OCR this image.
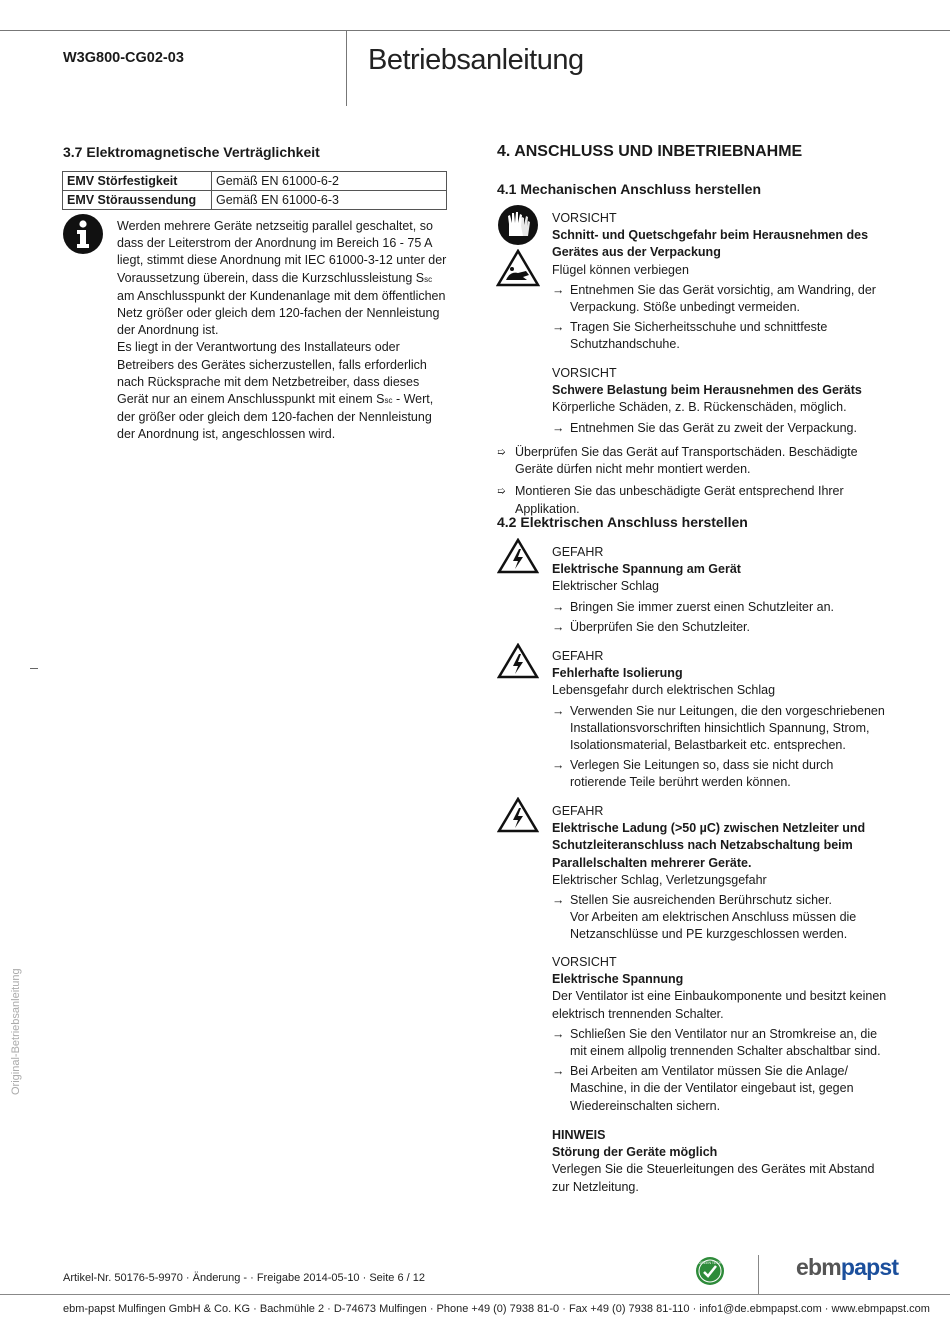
W3G800-CG02-03	Betriebsanleitung
3.7 Elektromagnetische Verträglichkeit
EMV Störfestigkeit	Gemäß EN 61000-6-2
EMV Störaussendung	Gemäß EN 61000-6-3
Werden mehrere Geräte netzseitig parallel geschaltet, so dass der Leiterstrom der Anordnung im Bereich 16 - 75 A liegt, stimmt diese Anordnung mit IEC 61000-3-12 unter der Voraussetzung überein, dass die Kurzschlussleistung Ssc am Anschlusspunkt der Kundenanlage mit dem öffentlichen Netz größer oder gleich dem 120-fachen der Nennleistung der Anordnung ist.
Es liegt in der Verantwortung des Installateurs oder Betreibers des Gerätes sicherzustellen, falls erforderlich nach Rücksprache mit dem Netzbetreiber, dass dieses Gerät nur an einem Anschlusspunkt mit einem Ssc - Wert, der größer oder gleich dem 120-fachen der Nennleistung der Anordnung ist, angeschlossen wird.
4. ANSCHLUSS UND INBETRIEBNAHME
4.1 Mechanischen Anschluss herstellen
VORSICHT
Schnitt- und Quetschgefahr beim Herausnehmen des Gerätes aus der Verpackung
Flügel können verbiegen
→ Entnehmen Sie das Gerät vorsichtig, am Wandring, der Verpackung. Stöße unbedingt vermeiden.
→ Tragen Sie Sicherheitsschuhe und schnittfeste Schutzhandschuhe.
VORSICHT
Schwere Belastung beim Herausnehmen des Geräts
Körperliche Schäden, z. B. Rückenschäden, möglich.
→ Entnehmen Sie das Gerät zu zweit der Verpackung.
➯ Überprüfen Sie das Gerät auf Transportschäden. Beschädigte Geräte dürfen nicht mehr montiert werden.
➯ Montieren Sie das unbeschädigte Gerät entsprechend Ihrer Applikation.
4.2 Elektrischen Anschluss herstellen
GEFAHR
Elektrische Spannung am Gerät
Elektrischer Schlag
→ Bringen Sie immer zuerst einen Schutzleiter an.
→ Überprüfen Sie den Schutzleiter.
GEFAHR
Fehlerhafte Isolierung
Lebensgefahr durch elektrischen Schlag
→ Verwenden Sie nur Leitungen, die den vorgeschriebenen Installationsvorschriften hinsichtlich Spannung, Strom, Isolationsmaterial, Belastbarkeit etc. entsprechen.
→ Verlegen Sie Leitungen so, dass sie nicht durch rotierende Teile berührt werden können.
GEFAHR
Elektrische Ladung (>50 µC) zwischen Netzleiter und Schutzleiteranschluss nach Netzabschaltung beim Parallelschalten mehrerer Geräte.
Elektrischer Schlag, Verletzungsgefahr
→ Stellen Sie ausreichenden Berührschutz sicher.
Vor Arbeiten am elektrischen Anschluss müssen die Netzanschlüsse und PE kurzgeschlossen werden.
VORSICHT
Elektrische Spannung
Der Ventilator ist eine Einbaukomponente und besitzt keinen elektrisch trennenden Schalter.
→ Schließen Sie den Ventilator nur an Stromkreise an, die mit einem allpolig trennenden Schalter abschaltbar sind.
→ Bei Arbeiten am Ventilator müssen Sie die Anlage/ Maschine, in die der Ventilator eingebaut ist, gegen Wiedereinschalten sichern.
HINWEIS
Störung der Geräte möglich
Verlegen Sie die Steuerleitungen des Gerätes mit Abstand zur Netzleitung.
Original-Betriebsanleitung
Artikel-Nr. 50176-5-9970 · Änderung - · Freigabe 2014-05-10 · Seite 6 / 12
GREEN TECH	ebmpapst
ebm-papst Mulfingen GmbH & Co. KG · Bachmühle 2 · D-74673 Mulfingen · Phone +49 (0) 7938 81-0 · Fax +49 (0) 7938 81-110 · info1@de.ebmpapst.com · www.ebmpapst.com
